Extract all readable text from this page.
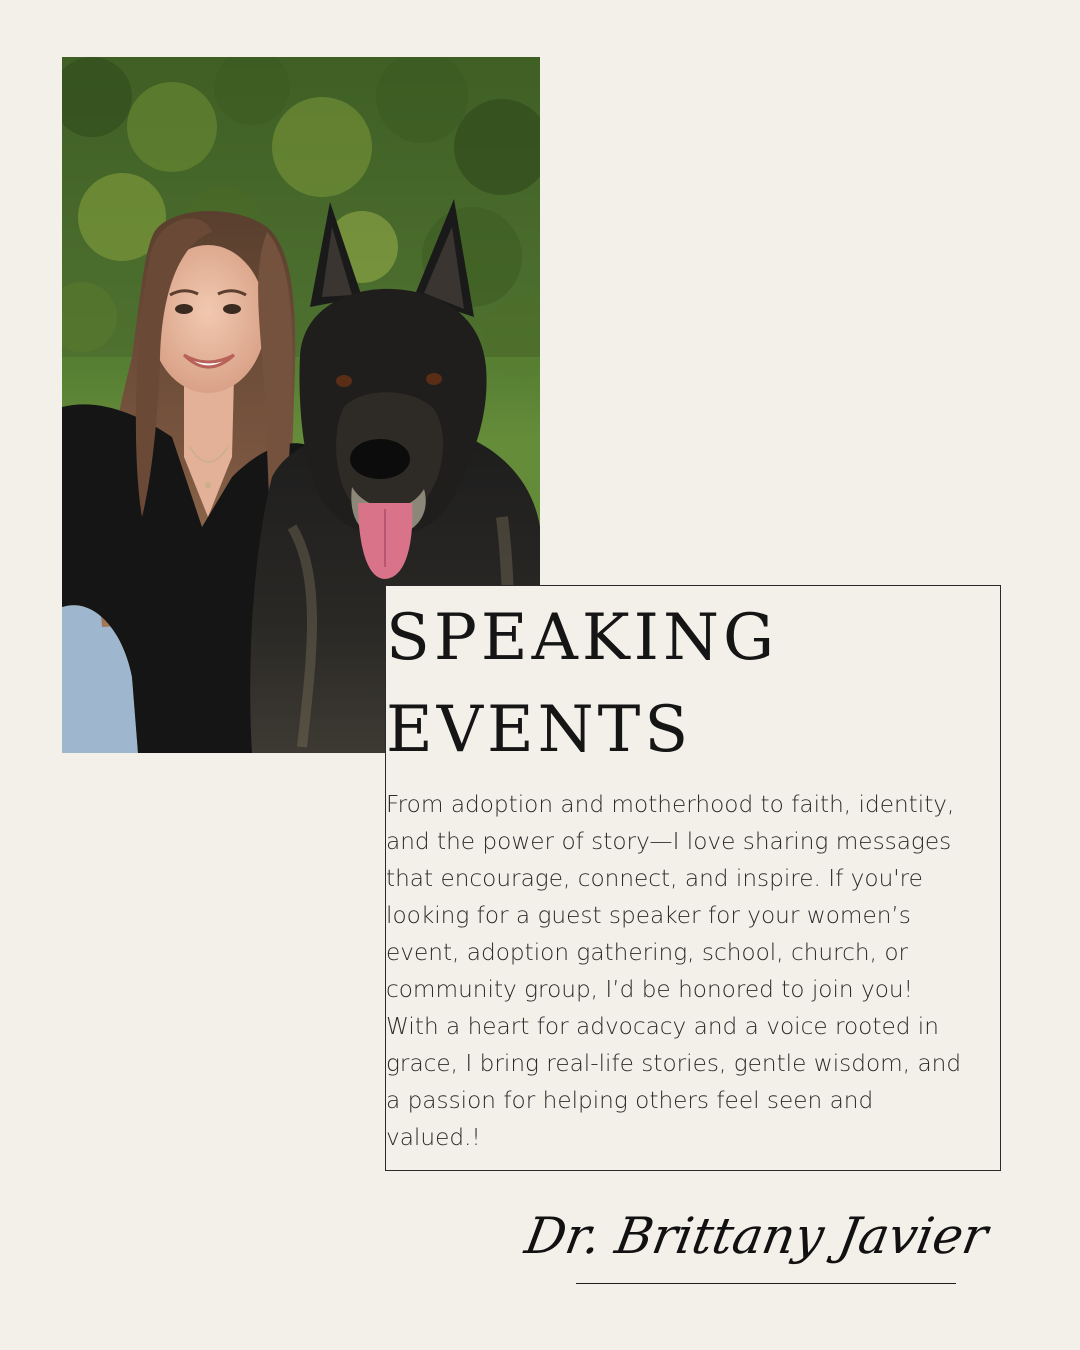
SPEAKING
EVENTS

From adoption and motherhood to faith, identity,
and the power of story—I love sharing messages
that encourage, connect, and inspire. If you're
looking for a guest speaker for your women’s
event, adoption gathering, school, church, or
community group, I’d be honored to join you!
With a heart for advocacy and a voice rooted in
grace, I bring real-life stories, gentle wisdom, and
a passion for helping others feel seen and
valued.!

Dr. Brittany Javier
